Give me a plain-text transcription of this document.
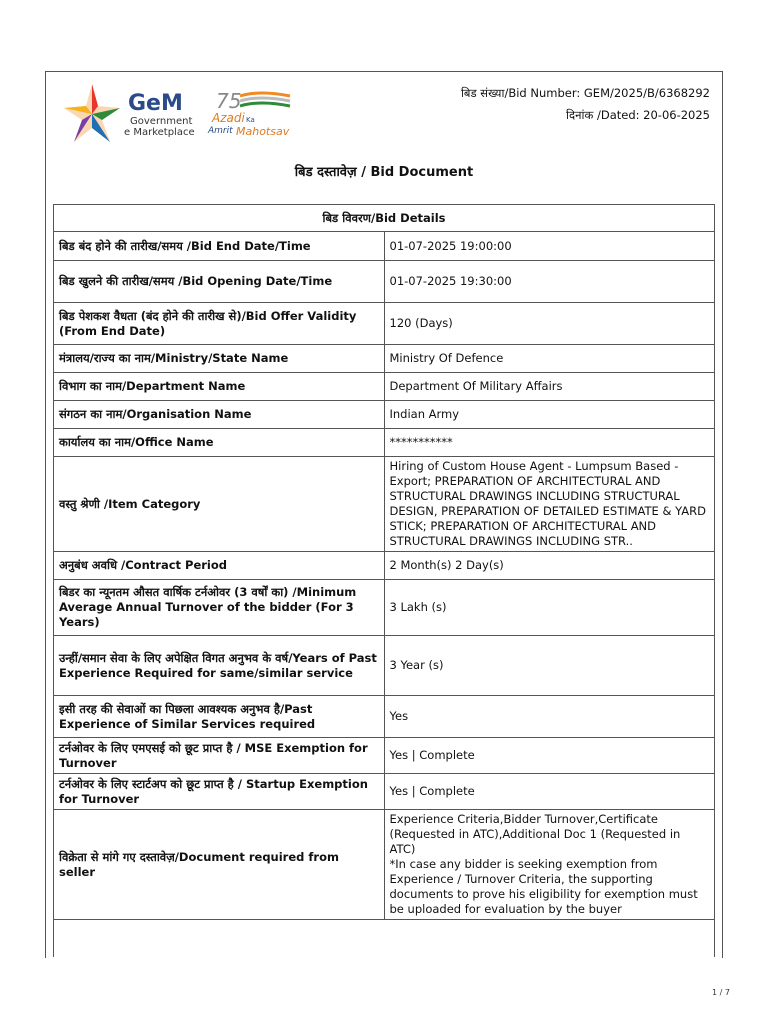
GeM
Government
e Marketplace
75
Azadi Ka
Amrit Mahotsav
बिड संख्या/Bid Number: GEM/2025/B/6368292
दिनांक /Dated: 20-06-2025
बिड दस्तावेज़ / Bid Document
बिड विवरण/Bid Details	
बिड बंद होने की तारीख/समय /Bid End Date/Time	01-07-2025 19:00:00
बिड खुलने की तारीख/समय /Bid Opening Date/Time	01-07-2025 19:30:00
बिड पेशकश वैधता (बंद होने की तारीख से)/Bid Offer Validity (From End Date)	120 (Days)
मंत्रालय/राज्य का नाम/Ministry/State Name	Ministry Of Defence
विभाग का नाम/Department Name	Department Of Military Affairs
संगठन का नाम/Organisation Name	Indian Army
कार्यालय का नाम/Office Name	***********
वस्तु श्रेणी /Item Category	Hiring of Custom House Agent - Lumpsum Based - Export; PREPARATION OF ARCHITECTURAL AND STRUCTURAL DRAWINGS INCLUDING STRUCTURAL DESIGN, PREPARATION OF DETAILED ESTIMATE & YARD STICK; PREPARATION OF ARCHITECTURAL AND STRUCTURAL DRAWINGS INCLUDING STR..
अनुबंध अवधि /Contract Period	2 Month(s) 2 Day(s)
बिडर का न्यूनतम औसत वार्षिक टर्नओवर (3 वर्षों का) /Minimum Average Annual Turnover of the bidder (For 3 Years)	3 Lakh (s)
उन्हीं/समान सेवा के लिए अपेक्षित विगत अनुभव के वर्ष/Years of Past Experience Required for same/similar service	3 Year (s)
इसी तरह की सेवाओं का पिछला आवश्यक अनुभव है/Past Experience of Similar Services required	Yes
टर्नओवर के लिए एमएसई को छूट प्राप्त है / MSE Exemption for Turnover	Yes | Complete
टर्नओवर के लिए स्टार्टअप को छूट प्राप्त है / Startup Exemption for Turnover	Yes | Complete
विक्रेता से मांगे गए दस्तावेज़/Document required from seller	Experience Criteria,Bidder Turnover,Certificate (Requested in ATC),Additional Doc 1 (Requested in ATC)
*In case any bidder is seeking exemption from Experience / Turnover Criteria, the supporting documents to prove his eligibility for exemption must be uploaded for evaluation by the buyer
1 / 7
